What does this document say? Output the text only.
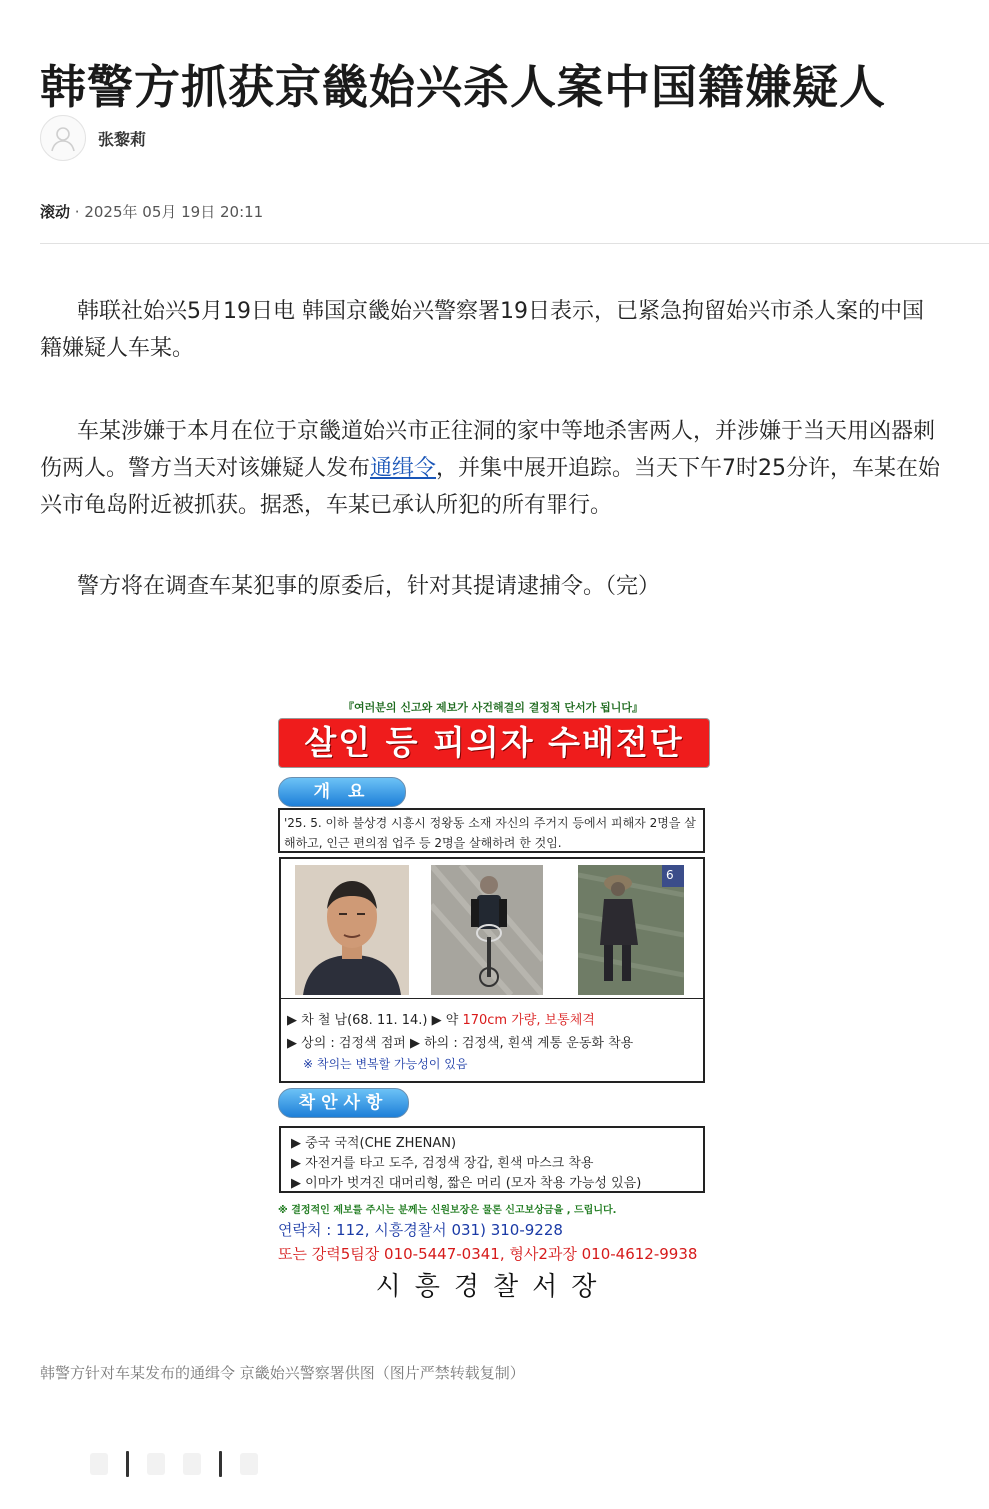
韩警方抓获京畿始兴杀人案中国籍嫌疑人
张黎莉
滚动 · 2025年 05月 19日 20:11

韩联社始兴5月19日电 韩国京畿始兴警察署19日表示，已紧急拘留始兴市杀人案的中国籍嫌疑人车某。

车某涉嫌于本月在位于京畿道始兴市正往洞的家中等地杀害两人，并涉嫌于当天用凶器刺伤两人。警方当天对该嫌疑人发布通缉令，并集中展开追踪。当天下午7时25分许，车某在始兴市龟岛附近被抓获。据悉，车某已承认所犯的所有罪行。

警方将在调查车某犯事的原委后，针对其提请逮捕令。（完）

『여러분의 신고와 제보가 사건해결의 결정적 단서가 됩니다』
살인 등 피의자 수배전단
개 요
'25. 5. 이하 불상경 시흥시 정왕동 소재 자신의 주거지 등에서 피해자 2명을 살해하고, 인근 편의점 업주 등 2명을 살해하려 한 것임.
6
▶ 차 철 남(68. 11. 14.) ▶ 약 170cm 가량, 보통체격
▶ 상의 : 검정색 점퍼 ▶ 하의 : 검정색, 흰색 계통 운동화 착용
※ 착의는 변복할 가능성이 있음
착안사항
▶ 중국 국적(CHE ZHENAN)
▶ 자전거를 타고 도주, 검정색 장갑, 흰색 마스크 착용
▶ 이마가 벗겨진 대머리형, 짧은 머리 (모자 착용 가능성 있음)
※ 결정적인 제보를 주시는 분께는 신원보장은 물론 신고보상금을 , 드립니다.
연락처 : 112, 시흥경찰서 031) 310-9228
또는 강력5팀장 010-5447-0341, 형사2과장 010-4612-9938
시흥경찰서장
韩警方针对车某发布的通缉令 京畿始兴警察署供图（图片严禁转载复制）
